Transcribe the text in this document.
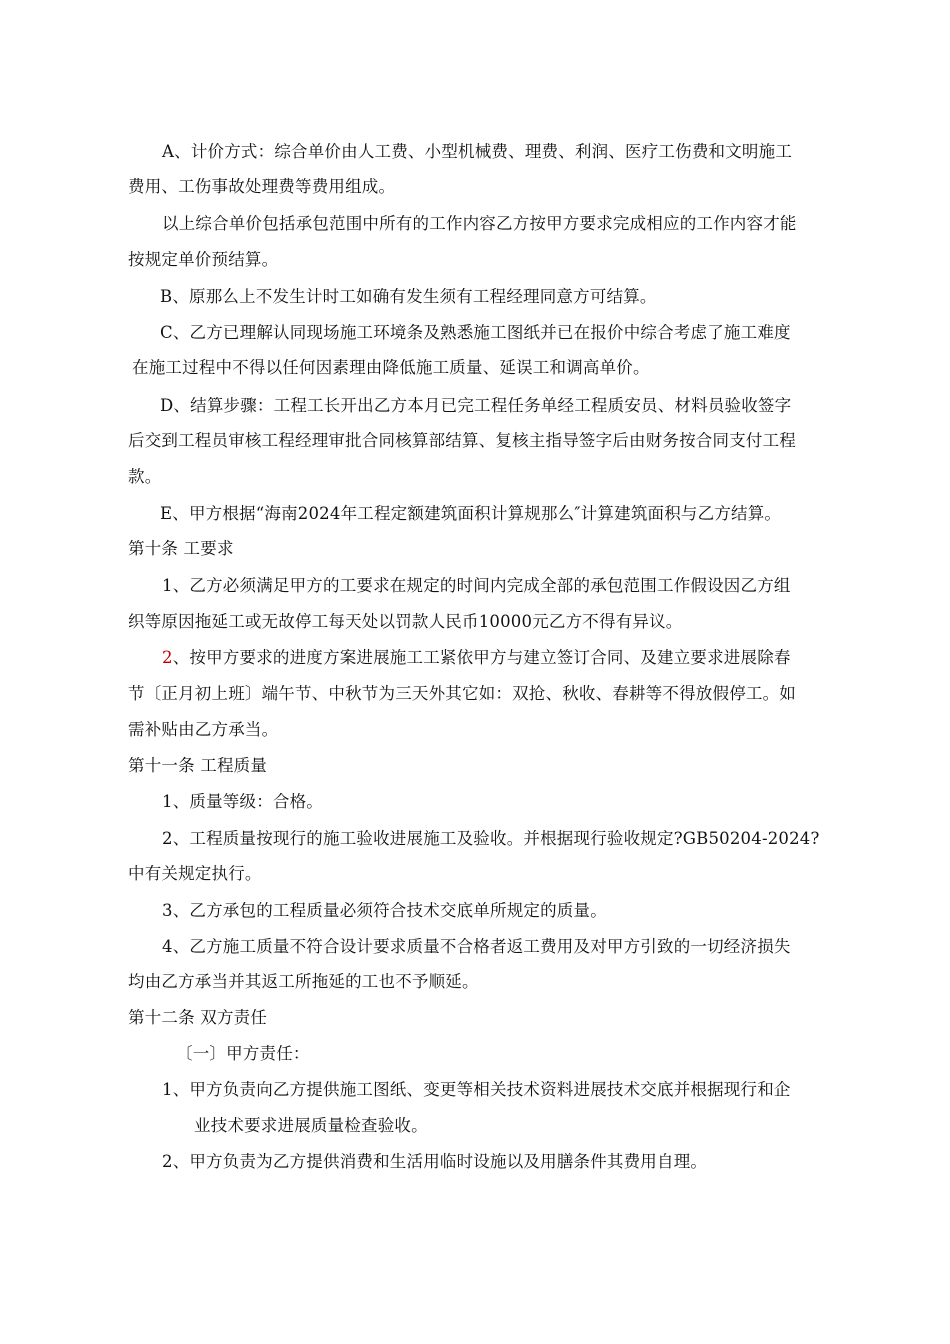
A、计价方式：综合单价由人工费、小型机械费、理费、利润、医疗工伤费和文明施工
费用、工伤事故处理费等费用组成。
以上综合单价包括承包范围中所有的工作内容乙方按甲方要求完成相应的工作内容才能
按规定单价预结算。
B、原那么上不发生计时工如确有发生须有工程经理同意方可结算。
C、乙方已理解认同现场施工环境条及熟悉施工图纸并已在报价中综合考虑了施工难度
在施工过程中不得以任何因素理由降低施工质量、延误工和调高单价。
D、结算步骤：工程工长开出乙方本月已完工程任务单经工程质安员、材料员验收签字
后交到工程员审核工程经理审批合同核算部结算、复核主指导签字后由财务按合同支付工程
款。
E、甲方根据“海南2024年工程定额建筑面积计算规那么″计算建筑面积与乙方结算。
第十条 工要求
1、乙方必须满足甲方的工要求在规定的时间内完成全部的承包范围工作假设因乙方组
织等原因拖延工或无故停工每天处以罚款人民币10000元乙方不得有异议。
2、按甲方要求的进度方案进展施工工紧依甲方与建立签订合同、及建立要求进展除春
节〔正月初上班〕端午节、中秋节为三天外其它如：双抢、秋收、春耕等不得放假停工。如
需补贴由乙方承当。
第十一条 工程质量
1、质量等级：合格。
2、工程质量按现行的施工验收进展施工及验收。并根据现行验收规定?GB50204-2024?
中有关规定执行。
3、乙方承包的工程质量必须符合技术交底单所规定的质量。
4、乙方施工质量不符合设计要求质量不合格者返工费用及对甲方引致的一切经济损失
均由乙方承当并其返工所拖延的工也不予顺延。
第十二条 双方责任
〔一〕甲方责任：
1、甲方负责向乙方提供施工图纸、变更等相关技术资料进展技术交底并根据现行和企
业技术要求进展质量检查验收。
2、甲方负责为乙方提供消费和生活用临时设施以及用膳条件其费用自理。
